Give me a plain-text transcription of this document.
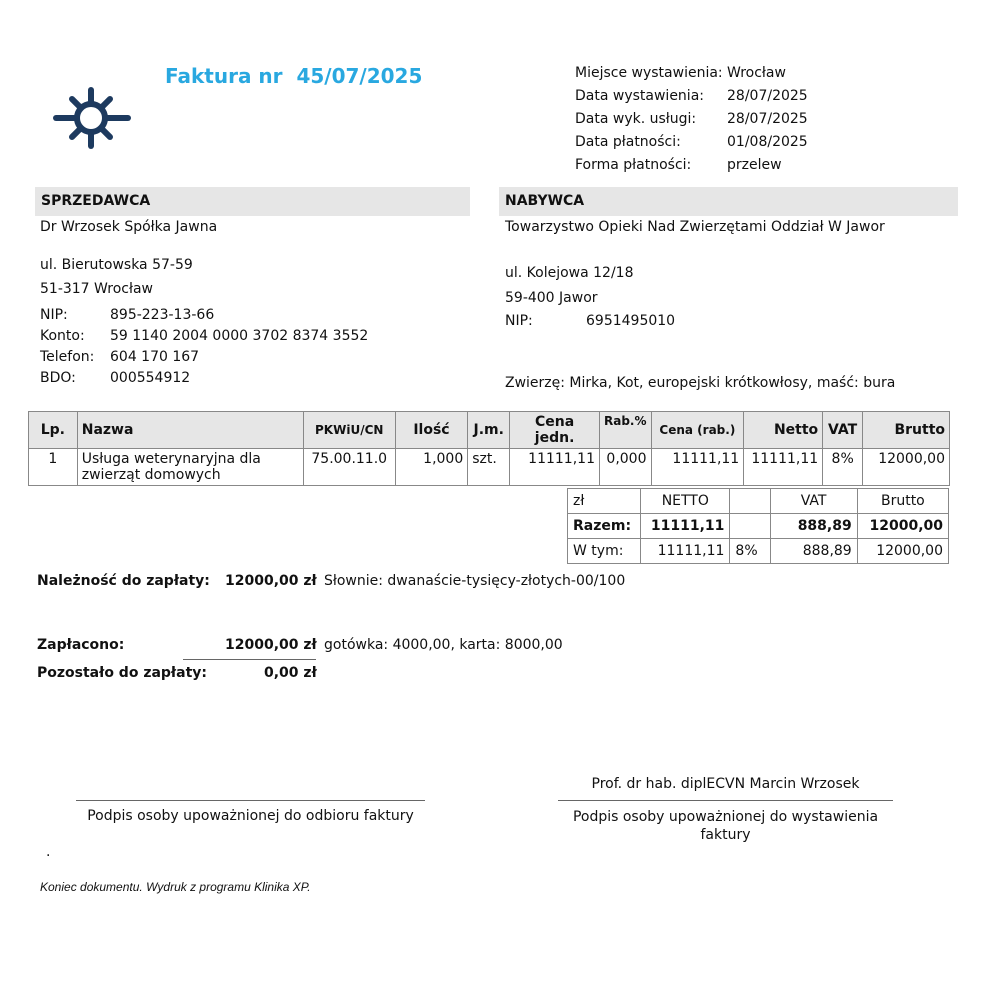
Faktura nr 45/07/2025	Miejsce wystawienia: Wrocław
Data wystawienia: 28/07/2025
Data wyk. usługi: 28/07/2025
Data płatności:	01/08/2025
Forma płatności:	przelew
SPRZEDAWCA
Dr Wrzosek Spółka Jawna
ul. Bierutowska 57-59
51-317 Wrocław
NIP:	895-223-13-66
Konto: 59 1140 2004 0000 3702 8374 3552
Telefon: 604 170 167
BDO: 000554912
NABYWCA
Towarzystwo Opieki Nad Zwierzętami Oddział W Jawor
ul. Kolejowa 12/18
59-400 Jawor
NIP:	6951495010
Zwierzę: Mirka, Kot, europejski krótkowłosy, maść: bura
Lp.	Nazwa	PKWiU/CN	Ilość	J.m.	Cena jedn.	Rab.%	Cena (rab.)	Netto	VAT	Brutto
1	Usługa weterynaryjna dla
zwierząt domowych	75.00.11.0	1,000	szt.	11111,11	0,000	11111,11	11111,11	8%	12000,00
zł	NETTO		VAT	Brutto
Razem:	11111,11		888,89	12000,00
W tym:	11111,11	8%	888,89	12000,00
Należność do zapłaty: 12000,00 zł Słownie: dwanaście-tysięcy-złotych-00/100
Zapłacono:	12000,00 zł gotówka: 4000,00, karta: 8000,00
Pozostało do zapłaty:	0,00 zł
Prof. dr hab. diplECVN Marcin Wrzosek
Podpis osoby upoważnionej do odbioru faktury	Podpis osoby upoważnionej do wystawienia
faktury
.
Koniec dokumentu. Wydruk z programu Klinika XP.
